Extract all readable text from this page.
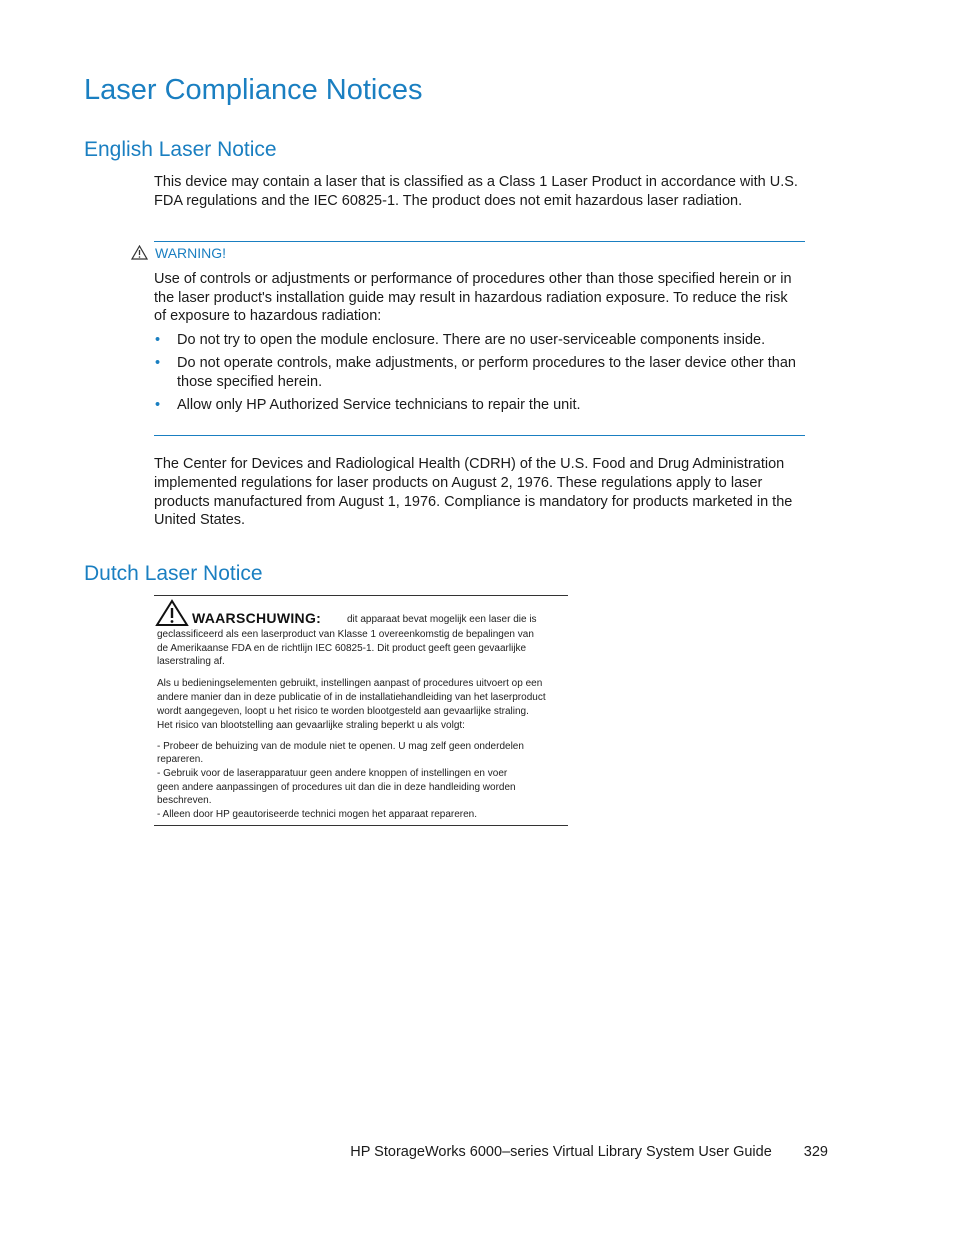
Laser Compliance Notices
English Laser Notice

This device may contain a laser that is classified as a Class 1 Laser Product in accordance with U.S.

FDA regulations and the IEC 60825-1. The product does not emit hazardous laser radiation.

WARNING!

Use of controls or adjustments or performance of procedures other than those specified herein or in

the laser product's installation guide may result in hazardous radiation exposure. To reduce the risk

of exposure to hazardous radiation:

• Do not try to open the module enclosure. There are no user-serviceable components inside.
• Do not operate controls, make adjustments, or perform procedures to the laser device other than those specified herein.
• Allow only HP Authorized Service technicians to repair the unit.

The Center for Devices and Radiological Health (CDRH) of the U.S. Food and Drug Administration

implemented regulations for laser products on August 2, 1976. These regulations apply to laser

products manufactured from August 1, 1976. Compliance is mandatory for products marketed in the

United States.

Dutch Laser Notice
WAARSCHUWING:	dit apparaat bevat mogelijk een laser die is
geclassificeerd als een laserproduct van Klasse 1 overeenkomstig de bepalingen van
de Amerikaanse FDA en de richtlijn IEC 60825-1. Dit product geeft geen gevaarlijke
laserstraling af.
Als u bedieningselementen gebruikt, instellingen aanpast of procedures uitvoert op een
andere manier dan in deze publicatie of in de installatiehandleiding van het laserproduct
wordt aangegeven, loopt u het risico te worden blootgesteld aan gevaarlijke straling.
Het risico van blootstelling aan gevaarlijke straling beperkt u als volgt:
- Probeer de behuizing van de module niet te openen. U mag zelf geen onderdelen
repareren.
- Gebruik voor de laserapparatuur geen andere knoppen of instellingen en voer
geen andere aanpassingen of procedures uit dan die in deze handleiding worden
beschreven.
- Alleen door HP geautoriseerde technici mogen het apparaat repareren.
HP StorageWorks 6000–series Virtual Library System User Guide 329
